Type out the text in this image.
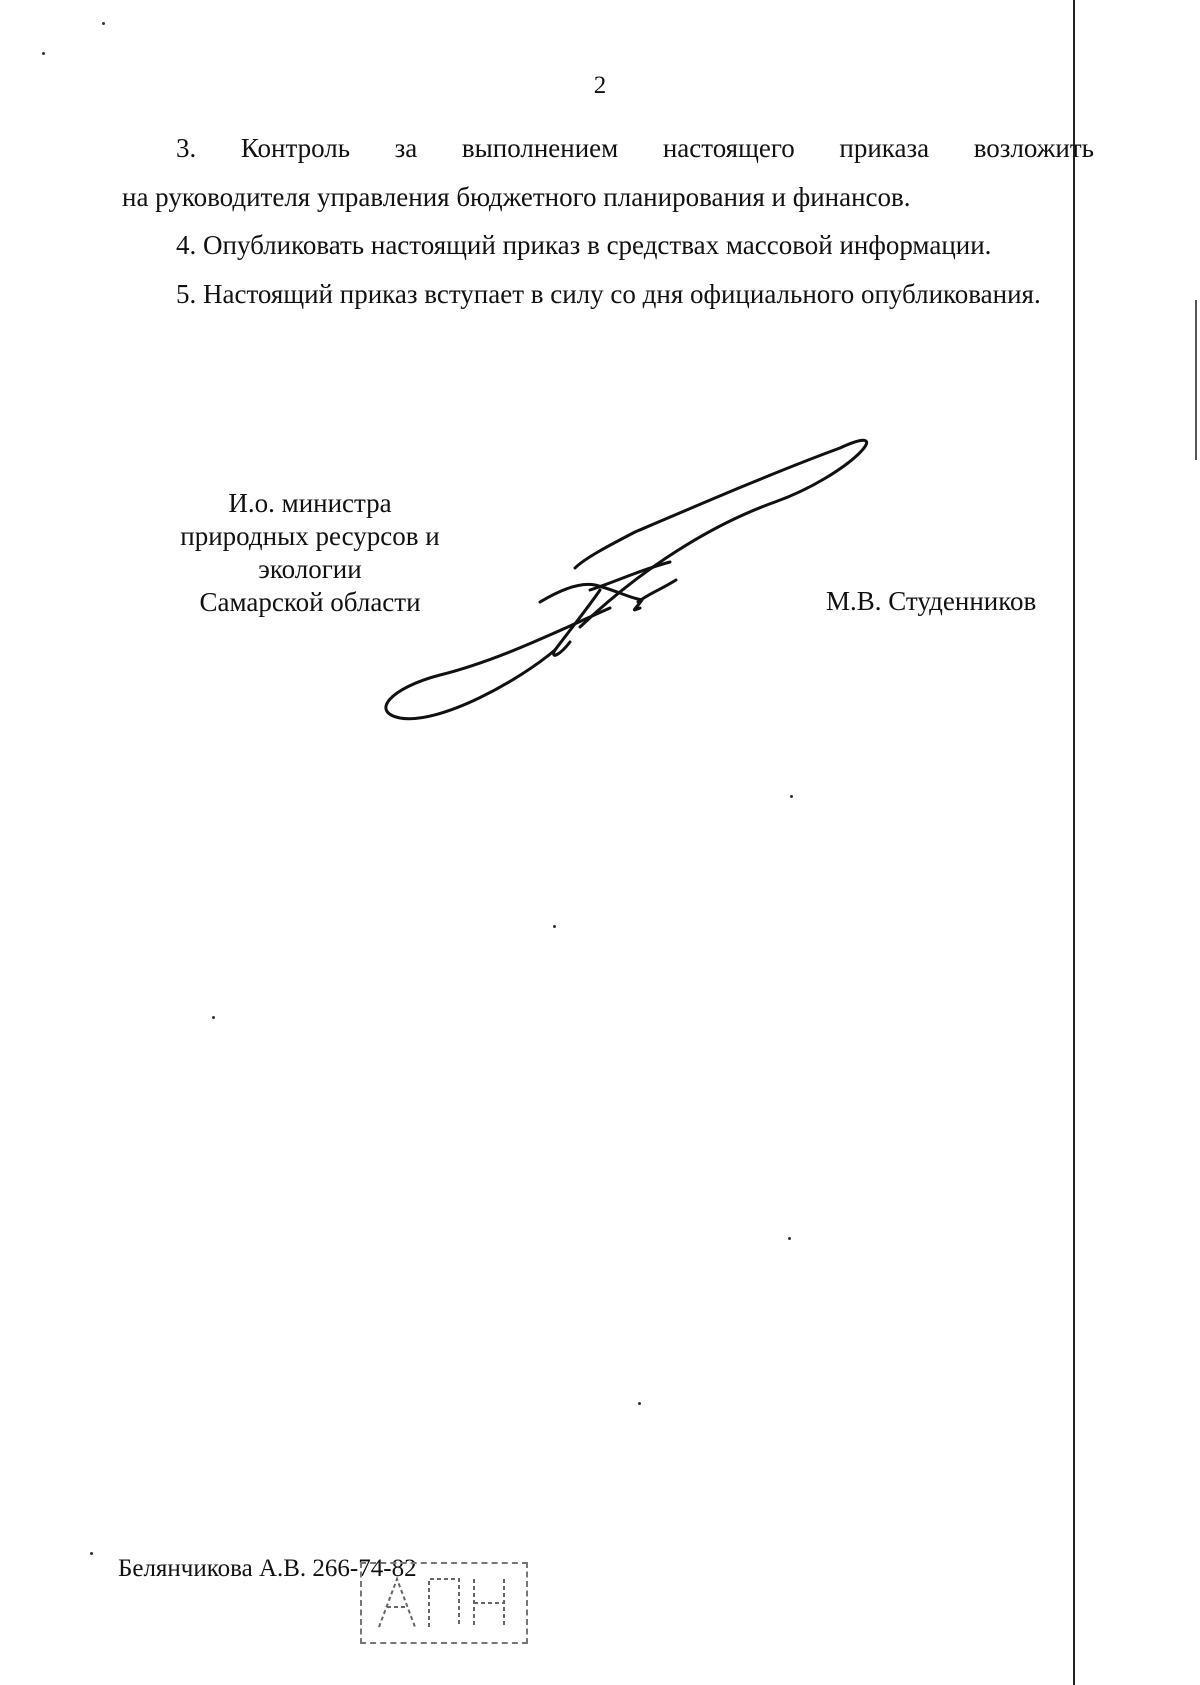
2
3. Контроль за выполнением настоящего приказа возложить
на руководителя управления бюджетного планирования и финансов.
4. Опубликовать настоящий приказ в средствах массовой информации.
5. Настоящий приказ вступает в силу со дня официального опубликования.
И.о. министра
природных ресурсов и
экологии
Самарской области	М.В. Студенников
Белянчикова А.В. 266-74-82
